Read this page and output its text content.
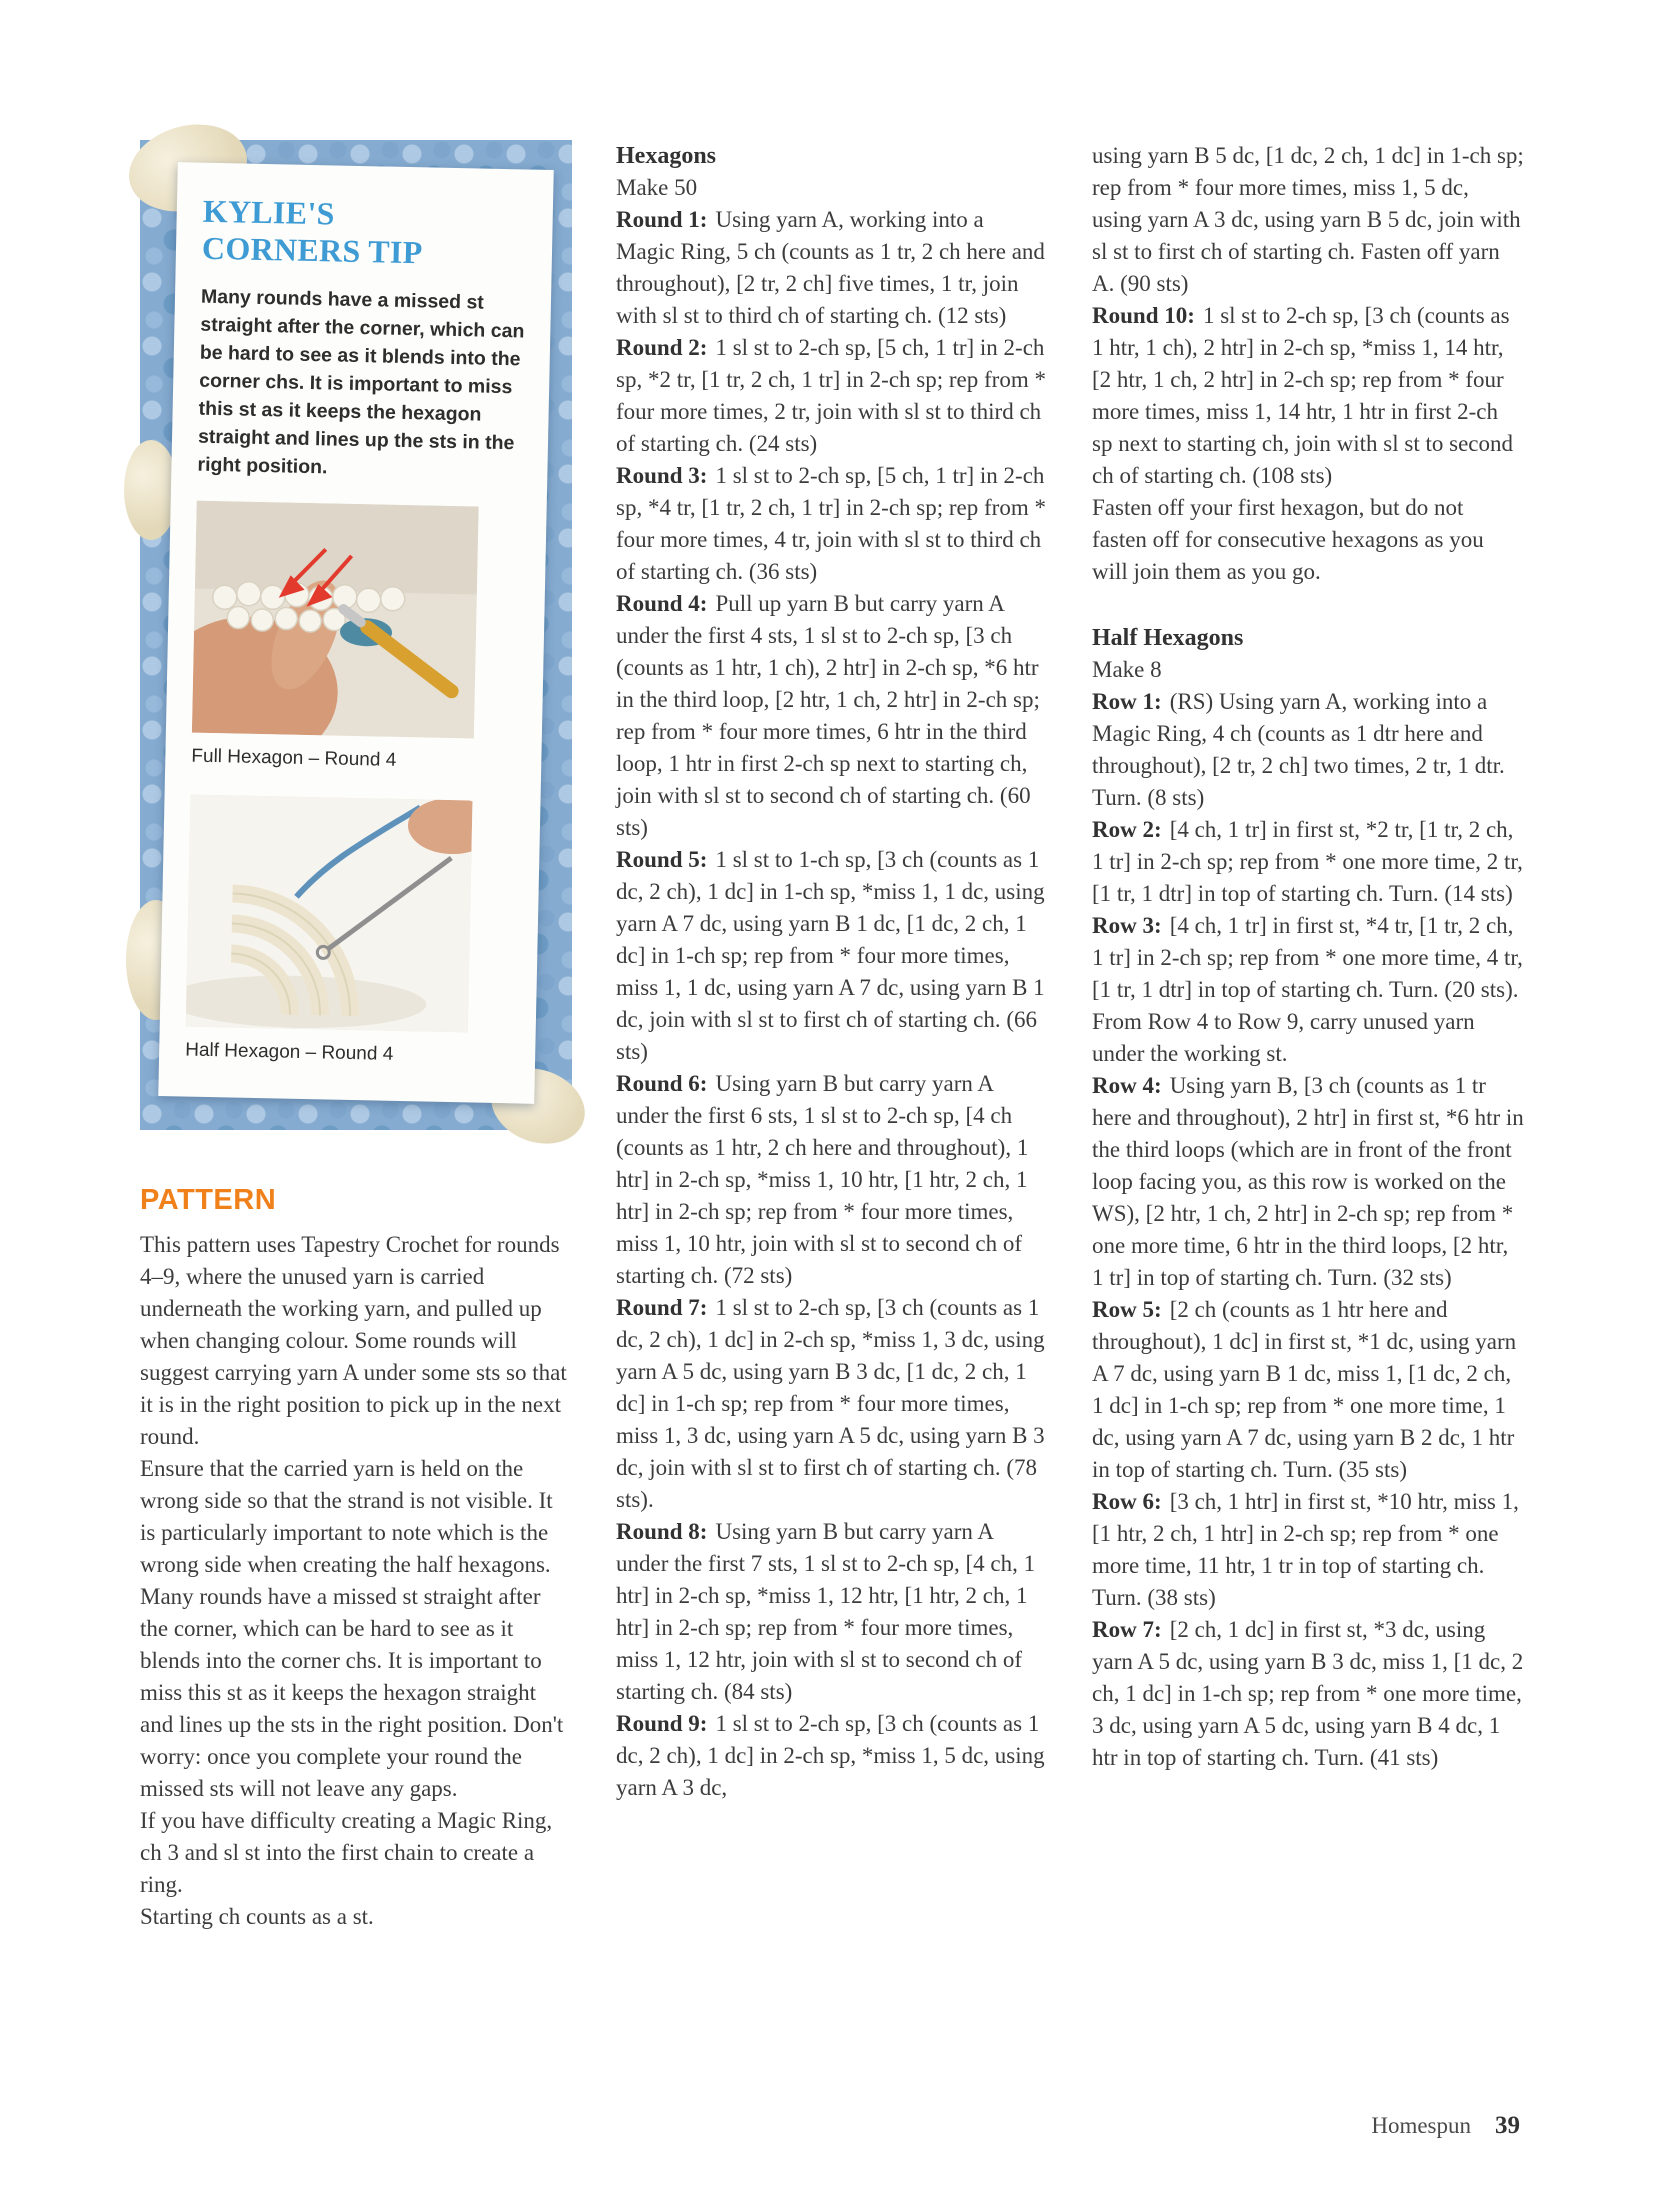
KYLIE'S
CORNERS TIP

Many rounds have a missed st straight after the corner, which can be hard to see as it blends into the corner chs. It is important to miss this st as it keeps the hexagon straight and lines up the sts in the right position.

Full Hexagon – Round 4
Half Hexagon – Round 4
PATTERN

This pattern uses Tapestry Crochet for rounds 4–9, where the unused yarn is carried underneath the working yarn, and pulled up when changing colour. Some rounds will suggest carrying yarn A under some sts so that it is in the right position to pick up in the next round.

Ensure that the carried yarn is held on the wrong side so that the strand is not visible. It is particularly important to note which is the wrong side when creating the half hexagons. Many rounds have a missed st straight after the corner, which can be hard to see as it blends into the corner chs. It is important to miss this st as it keeps the hexagon straight and lines up the sts in the right position. Don't worry: once you complete your round the missed sts will not leave any gaps.

If you have difficulty creating a Magic Ring, ch 3 and sl st into the first chain to create a ring.

Starting ch counts as a st.

Hexagons

Make 50

Round 1: Using yarn A, working into a Magic Ring, 5 ch (counts as 1 tr, 2 ch here and throughout), [2 tr, 2 ch] five times, 1 tr, join with sl st to third ch of starting ch. (12 sts)

Round 2: 1 sl st to 2-ch sp, [5 ch, 1 tr] in 2-ch sp, *2 tr, [1 tr, 2 ch, 1 tr] in 2-ch sp; rep from * four more times, 2 tr, join with sl st to third ch of starting ch. (24 sts)

Round 3: 1 sl st to 2-ch sp, [5 ch, 1 tr] in 2-ch sp, *4 tr, [1 tr, 2 ch, 1 tr] in 2-ch sp; rep from * four more times, 4 tr, join with sl st to third ch of starting ch. (36 sts)

Round 4: Pull up yarn B but carry yarn A under the first 4 sts, 1 sl st to 2-ch sp, [3 ch (counts as 1 htr, 1 ch), 2 htr] in 2-ch sp, *6 htr in the third loop, [2 htr, 1 ch, 2 htr] in 2-ch sp; rep from * four more times, 6 htr in the third loop, 1 htr in first 2-ch sp next to starting ch, join with sl st to second ch of starting ch. (60 sts)

Round 5: 1 sl st to 1-ch sp, [3 ch (counts as 1 dc, 2 ch), 1 dc] in 1-ch sp, *miss 1, 1 dc, using yarn A 7 dc, using yarn B 1 dc, [1 dc, 2 ch, 1 dc] in 1-ch sp; rep from * four more times, miss 1, 1 dc, using yarn A 7 dc, using yarn B 1 dc, join with sl st to first ch of starting ch. (66 sts)

Round 6: Using yarn B but carry yarn A under the first 6 sts, 1 sl st to 2-ch sp, [4 ch (counts as 1 htr, 2 ch here and throughout), 1 htr] in 2-ch sp, *miss 1, 10 htr, [1 htr, 2 ch, 1 htr] in 2-ch sp; rep from * four more times, miss 1, 10 htr, join with sl st to second ch of starting ch. (72 sts)

Round 7: 1 sl st to 2-ch sp, [3 ch (counts as 1 dc, 2 ch), 1 dc] in 2-ch sp, *miss 1, 3 dc, using yarn A 5 dc, using yarn B 3 dc, [1 dc, 2 ch, 1 dc] in 1-ch sp; rep from * four more times, miss 1, 3 dc, using yarn A 5 dc, using yarn B 3 dc, join with sl st to first ch of starting ch. (78 sts).

Round 8: Using yarn B but carry yarn A under the first 7 sts, 1 sl st to 2-ch sp, [4 ch, 1 htr] in 2-ch sp, *miss 1, 12 htr, [1 htr, 2 ch, 1 htr] in 2-ch sp; rep from * four more times, miss 1, 12 htr, join with sl st to second ch of starting ch. (84 sts)

Round 9: 1 sl st to 2-ch sp, [3 ch (counts as 1 dc, 2 ch), 1 dc] in 2-ch sp, *miss 1, 5 dc, using yarn A 3 dc,

using yarn B 5 dc, [1 dc, 2 ch, 1 dc] in 1-ch sp; rep from * four more times, miss 1, 5 dc, using yarn A 3 dc, using yarn B 5 dc, join with sl st to first ch of starting ch. Fasten off yarn A. (90 sts)

Round 10: 1 sl st to 2-ch sp, [3 ch (counts as 1 htr, 1 ch), 2 htr] in 2-ch sp, *miss 1, 14 htr, [2 htr, 1 ch, 2 htr] in 2-ch sp; rep from * four more times, miss 1, 14 htr, 1 htr in first 2-ch sp next to starting ch, join with sl st to second ch of starting ch. (108 sts)

Fasten off your first hexagon, but do not fasten off for consecutive hexagons as you will join them as you go.

Half Hexagons

Make 8

Row 1: (RS) Using yarn A, working into a Magic Ring, 4 ch (counts as 1 dtr here and throughout), [2 tr, 2 ch] two times, 2 tr, 1 dtr. Turn. (8 sts)

Row 2: [4 ch, 1 tr] in first st, *2 tr, [1 tr, 2 ch, 1 tr] in 2-ch sp; rep from * one more time, 2 tr, [1 tr, 1 dtr] in top of starting ch. Turn. (14 sts)

Row 3: [4 ch, 1 tr] in first st, *4 tr, [1 tr, 2 ch, 1 tr] in 2-ch sp; rep from * one more time, 4 tr, [1 tr, 1 dtr] in top of starting ch. Turn. (20 sts).

From Row 4 to Row 9, carry unused yarn under the working st.

Row 4: Using yarn B, [3 ch (counts as 1 tr here and throughout), 2 htr] in first st, *6 htr in the third loops (which are in front of the front loop facing you, as this row is worked on the WS), [2 htr, 1 ch, 2 htr] in 2-ch sp; rep from * one more time, 6 htr in the third loops, [2 htr, 1 tr] in top of starting ch. Turn. (32 sts)

Row 5: [2 ch (counts as 1 htr here and throughout), 1 dc] in first st, *1 dc, using yarn A 7 dc, using yarn B 1 dc, miss 1, [1 dc, 2 ch, 1 dc] in 1-ch sp; rep from * one more time, 1 dc, using yarn A 7 dc, using yarn B 2 dc, 1 htr in top of starting ch. Turn. (35 sts)

Row 6: [3 ch, 1 htr] in first st, *10 htr, miss 1, [1 htr, 2 ch, 1 htr] in 2-ch sp; rep from * one more time, 11 htr, 1 tr in top of starting ch. Turn. (38 sts)

Row 7: [2 ch, 1 dc] in first st, *3 dc, using yarn A 5 dc, using yarn B 3 dc, miss 1, [1 dc, 2 ch, 1 dc] in 1-ch sp; rep from * one more time, 3 dc, using yarn A 5 dc, using yarn B 4 dc, 1 htr in top of starting ch. Turn. (41 sts)

Homespun 39
